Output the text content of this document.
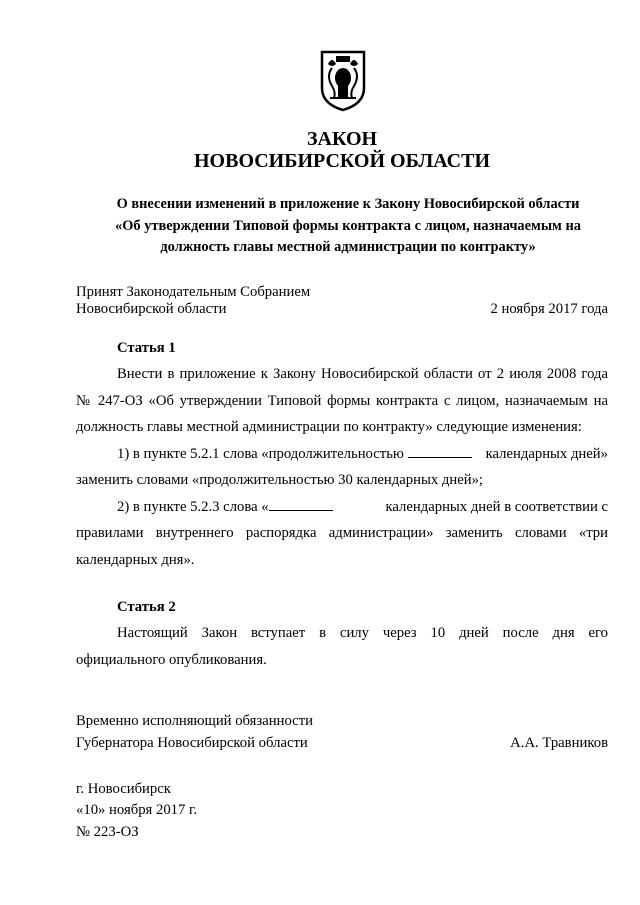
ЗАКОН
НОВОСИБИРСКОЙ ОБЛАСТИ
О внесении изменений в приложение к Закону Новосибирской области
«Об утверждении Типовой формы контракта с лицом, назначаемым на
должность главы местной администрации по контракту»
Принят Законодательным Собранием
Новосибирской области	2 ноября 2017 года
Статья 1
Внести в приложение к Закону Новосибирской области от 2 июля 2008 года
№ 247-ОЗ «Об утверждении Типовой формы контракта с лицом, назначаемым на
должность главы местной администрации по контракту» следующие изменения:
1) в пункте 5.2.1 слова «продолжительностью	календарных дней»
заменить словами «продолжительностью 30 календарных дней»;
2) в пункте 5.2.3 слова «	календарных дней в соответствии с
правилами внутреннего распорядка администрации» заменить словами «три
календарных дня».
Статья 2
Настоящий Закон вступает в силу через 10 дней после дня его
официального опубликования.
Временно исполняющий обязанности
Губернатора Новосибирской области	А.А. Травников
г. Новосибирск
«10» ноября 2017 г.
№ 223-ОЗ
